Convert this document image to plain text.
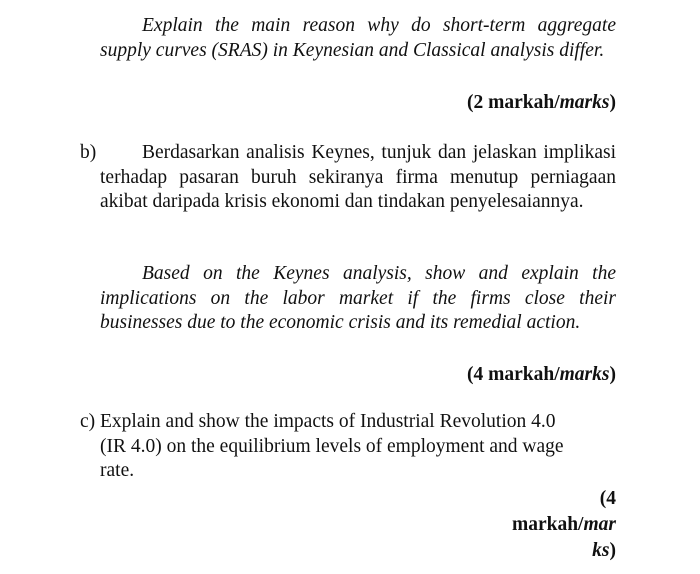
Explain the main reason why do short-term aggregate supply curves (SRAS) in Keynesian and Classical analysis differ.
(2 markah/marks)
b)	Berdasarkan analisis Keynes, tunjuk dan jelaskan implikasi terhadap pasaran buruh sekiranya firma menutup perniagaan akibat daripada krisis ekonomi dan tindakan penyelesaiannya.
Based on the Keynes analysis, show and explain the implications on the labor market if the firms close their businesses due to the economic crisis and its remedial action.
(4 markah/marks)
c) Explain and show the impacts of Industrial Revolution 4.0
(IR 4.0) on the equilibrium levels of employment and wage
rate.
(4
markah/mar
ks)
